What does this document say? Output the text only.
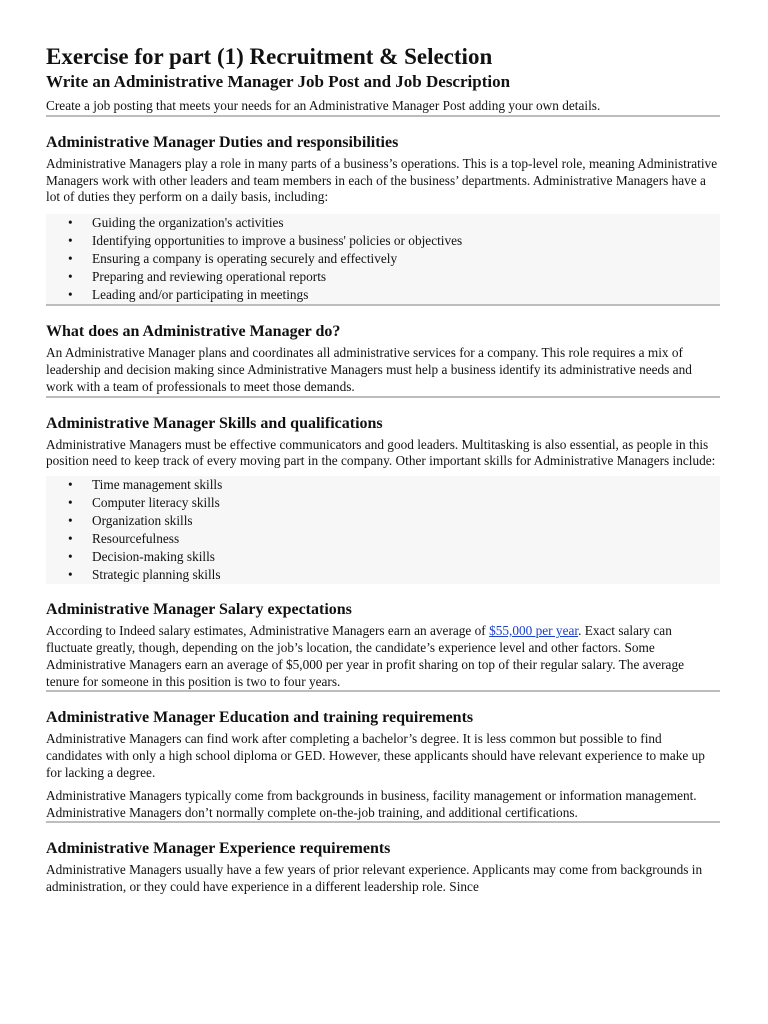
Exercise for part (1) Recruitment & Selection
Write an Administrative Manager Job Post and Job Description

Create a job posting that meets your needs for an Administrative Manager Post adding your own details.

Administrative Manager Duties and responsibilities

Administrative Managers play a role in many parts of a business’s operations. This is a top-level role, meaning Administrative Managers work with other leaders and team members in each of the business’ departments. Administrative Managers have a lot of duties they perform on a daily basis, including:

• Guiding the organization's activities
• Identifying opportunities to improve a business' policies or objectives
• Ensuring a company is operating securely and effectively
• Preparing and reviewing operational reports
• Leading and/or participating in meetings
What does an Administrative Manager do?

An Administrative Manager plans and coordinates all administrative services for a company. This role requires a mix of leadership and decision making since Administrative Managers must help a business identify its administrative needs and work with a team of professionals to meet those demands.

Administrative Manager Skills and qualifications

Administrative Managers must be effective communicators and good leaders. Multitasking is also essential, as people in this position need to keep track of every moving part in the company. Other important skills for Administrative Managers include:

• Time management skills
• Computer literacy skills
• Organization skills
• Resourcefulness
• Decision-making skills
• Strategic planning skills
Administrative Manager Salary expectations

According to Indeed salary estimates, Administrative Managers earn an average of $55,000 per year. Exact salary can fluctuate greatly, though, depending on the job’s location, the candidate’s experience level and other factors. Some Administrative Managers earn an average of $5,000 per year in profit sharing on top of their regular salary. The average tenure for someone in this position is two to four years.

Administrative Manager Education and training requirements

Administrative Managers can find work after completing a bachelor’s degree. It is less common but possible to find candidates with only a high school diploma or GED. However, these applicants should have relevant experience to make up for lacking a degree.

Administrative Managers typically come from backgrounds in business, facility management or information management. Administrative Managers don’t normally complete on-the-job training, and additional certifications.

Administrative Manager Experience requirements

Administrative Managers usually have a few years of prior relevant experience. Applicants may come from backgrounds in administration, or they could have experience in a different leadership role. Since
